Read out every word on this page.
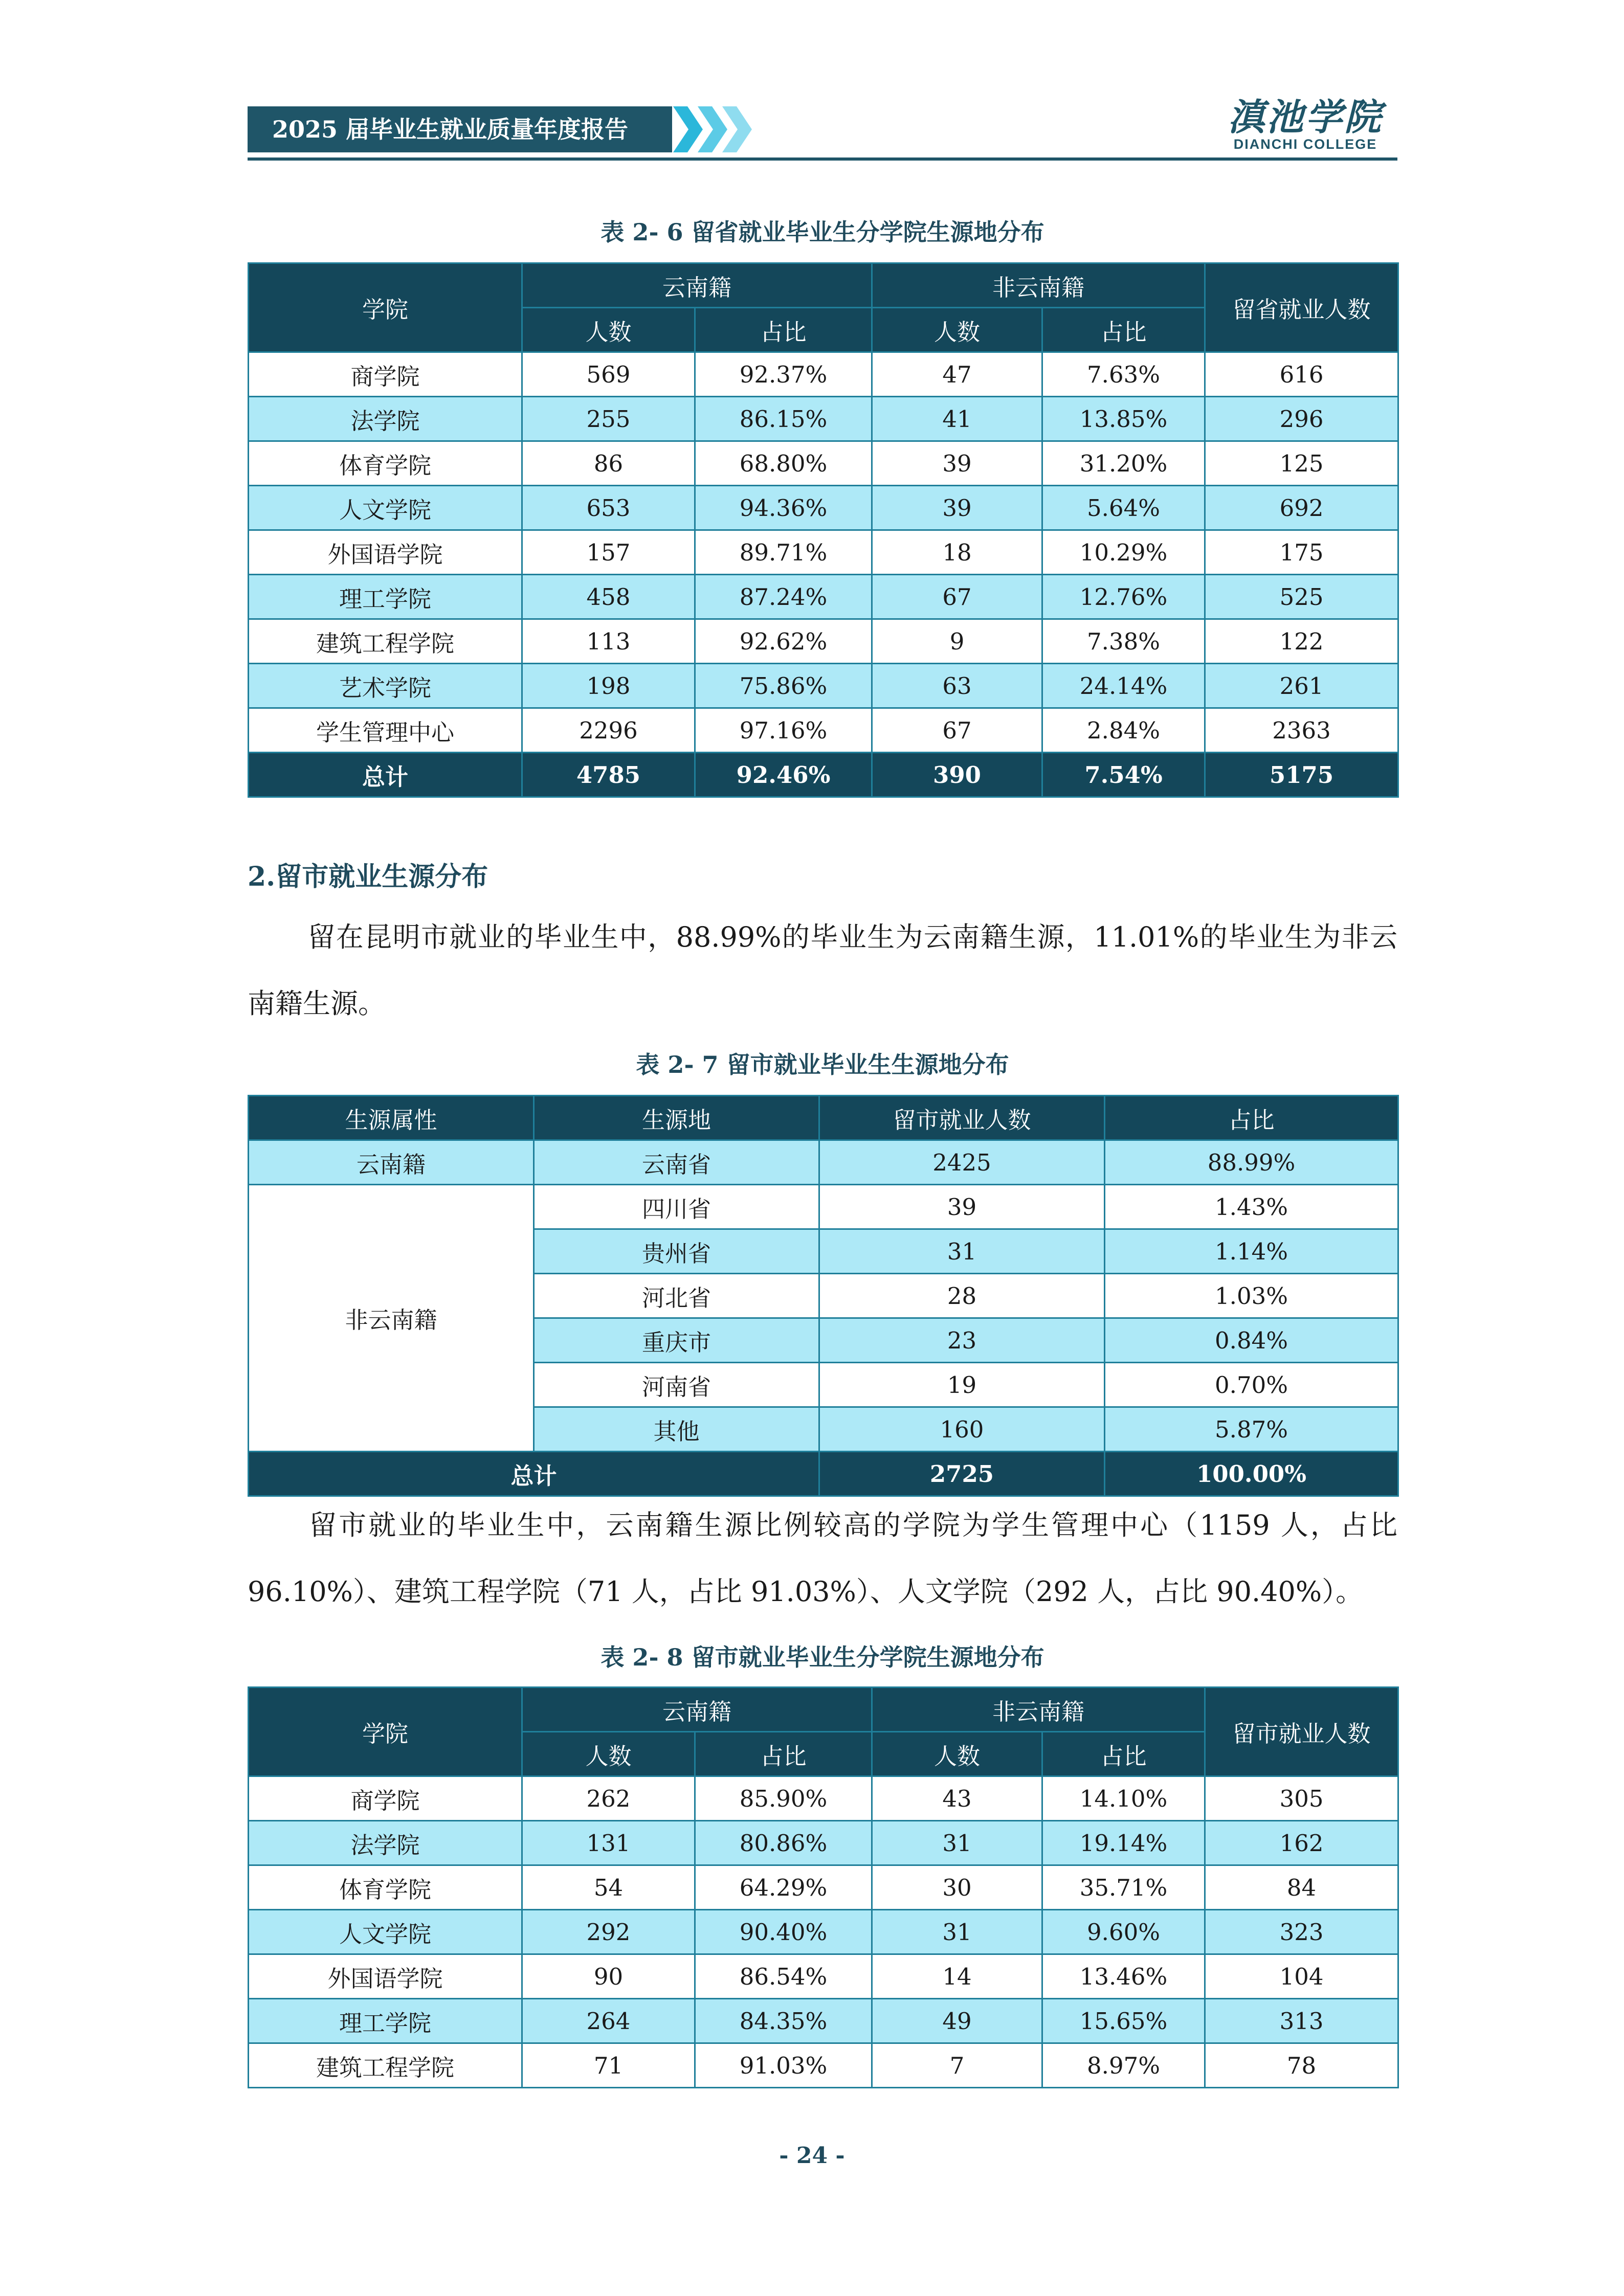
2025 届毕业生就业质量年度报告	滇池学院
DIANCHI COLLEGE
表 2- 6 留省就业毕业生分学院生源地分布
学院	云南籍		非云南籍		留省就业人数
	人数	占比	人数	占比	
商学院	569	92.37%	47	7.63%	616
法学院	255	86.15%	41	13.85%	296
体育学院	86	68.80%	39	31.20%	125
人文学院	653	94.36%	39	5.64%	692
外国语学院	157	89.71%	18	10.29%	175
理工学院	458	87.24%	67	12.76%	525
建筑工程学院	113	92.62%	9	7.38%	122
艺术学院	198	75.86%	63	24.14%	261
学生管理中心	2296	97.16%	67	2.84%	2363
总计	4785	92.46%	390	7.54%	5175
2.留市就业生源分布
留在昆明市就业的毕业生中，88.99%的毕业生为云南籍生源，11.01%的毕业生为非云南籍生源。
表 2- 7 留市就业毕业生生源地分布
生源属性	生源地	留市就业人数	占比
云南籍	云南省	2425	88.99%
非云南籍	四川省	39	1.43%
	贵州省	31	1.14%
	河北省	28	1.03%
	重庆市	23	0.84%
	河南省	19	0.70%
	其他	160	5.87%
总计		2725	100.00%
留市就业的毕业生中，云南籍生源比例较高的学院为学生管理中心（1159 人，占比 96.10%）、建筑工程学院（71 人，占比 91.03%）、人文学院（292 人，占比 90.40%）。
表 2- 8 留市就业毕业生分学院生源地分布
学院	云南籍		非云南籍		留市就业人数
	人数	占比	人数	占比	
商学院	262	85.90%	43	14.10%	305
法学院	131	80.86%	31	19.14%	162
体育学院	54	64.29%	30	35.71%	84
人文学院	292	90.40%	31	9.60%	323
外国语学院	90	86.54%	14	13.46%	104
理工学院	264	84.35%	49	15.65%	313
建筑工程学院	71	91.03%	7	8.97%	78
- 24 -
